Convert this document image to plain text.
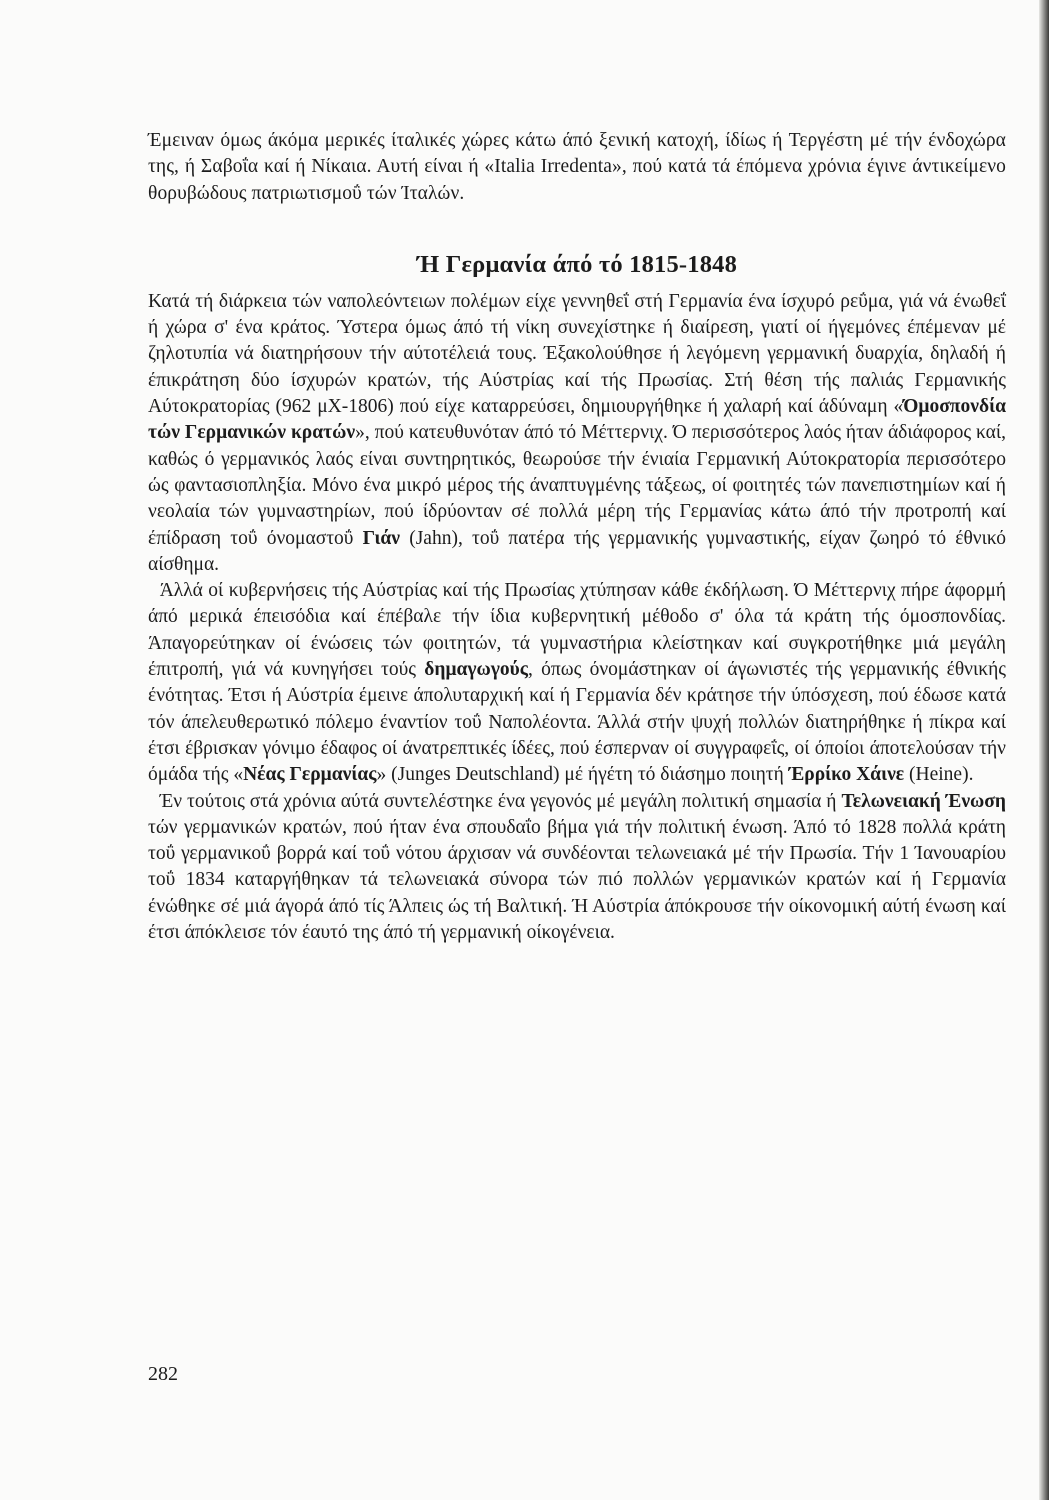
Έμειναν όμως άκόμα μερικές ίταλικές χώρες κάτω άπό ξενική κατοχή, ίδίως ή Τεργέστη μέ τήν ένδοχώρα της, ή Σαβοΐα καί ή Νίκαια. Αυτή είναι ή «Italia Irredenta», πού κατά τά έπόμενα χρόνια έγινε άντικείμενο θορυβώδους πατριωτισμοΰ τών Ίταλών.

Ή Γερμανία άπό τό 1815-1848

Κατά τή διάρκεια τών ναπολεόντειων πολέμων είχε γεννηθεΐ στή Γερμανία ένα ίσχυρό ρεΰμα, γιά νά ένωθεΐ ή χώρα σ' ένα κράτος. Ύστερα όμως άπό τή νίκη συνεχίστηκε ή διαίρεση, γιατί οί ήγεμόνες έπέμεναν μέ ζηλοτυπία νά διατηρήσουν τήν αύτοτέλειά τους. Έξακολούθησε ή λεγόμενη γερμανική δυαρχία, δηλαδή ή έπικράτηση δύο ίσχυρών κρατών, τής Αύστρίας καί τής Πρωσίας. Στή θέση τής παλιάς Γερμανικής Αύτοκρατορίας (962 μΧ-1806) πού είχε καταρρεύσει, δημιουργήθηκε ή χαλαρή καί άδύναμη «Όμοσπονδία τών Γερμανικών κρατών», πού κατευθυνόταν άπό τό Μέττερνιχ. Ό περισσότερος λαός ήταν άδιάφορος καί, καθώς ό γερμανικός λαός είναι συντηρητικός, θεωρούσε τήν ένιαία Γερμανική Αύτοκρατορία περισσότερο ώς φαντασιοπληξία. Μόνο ένα μικρό μέρος τής άναπτυγμένης τάξεως, οί φοιτητές τών πανεπιστημίων καί ή νεολαία τών γυμναστηρίων, πού ίδρύονταν σέ πολλά μέρη τής Γερμανίας κάτω άπό τήν προτροπή καί έπίδραση τοΰ όνομαστοΰ Γιάν (Jahn), τοΰ πατέρα τής γερμανικής γυμναστικής, είχαν ζωηρό τό έθνικό αίσθημα.

Άλλά οί κυβερνήσεις τής Αύστρίας καί τής Πρωσίας χτύπησαν κάθε έκδήλωση. Ό Μέττερνιχ πήρε άφορμή άπό μερικά έπεισόδια καί έπέβαλε τήν ίδια κυβερνητική μέθοδο σ' όλα τά κράτη τής όμοσπονδίας. Άπαγορεύτηκαν οί ένώσεις τών φοιτητών, τά γυμναστήρια κλείστηκαν καί συγκροτήθηκε μιά μεγάλη έπιτροπή, γιά νά κυνηγήσει τούς δημαγωγούς, όπως όνομάστηκαν οί άγωνιστές τής γερμανικής έθνικής ένότητας. Έτσι ή Αύστρία έμεινε άπολυταρχική καί ή Γερμανία δέν κράτησε τήν ύπόσχεση, πού έδωσε κατά τόν άπελευθερωτικό πόλεμο έναντίον τοΰ Ναπολέοντα. Άλλά στήν ψυχή πολλών διατηρήθηκε ή πίκρα καί έτσι έβρισκαν γόνιμο έδαφος οί άνατρεπτικές ίδέες, πού έσπερναν οί συγγραφεΐς, οί όποίοι άποτελούσαν τήν όμάδα τής «Νέας Γερμανίας» (Junges Deutschland) μέ ήγέτη τό διάσημο ποιητή Έρρίκο Χάινε (Heine).

Έν τούτοις στά χρόνια αύτά συντελέστηκε ένα γεγονός μέ μεγάλη πολιτική σημασία ή Τελωνειακή Ένωση τών γερμανικών κρατών, πού ήταν ένα σπουδαΐο βήμα γιά τήν πολιτική ένωση. Άπό τό 1828 πολλά κράτη τοΰ γερμανικοΰ βορρά καί τοΰ νότου άρχισαν νά συνδέονται τελωνειακά μέ τήν Πρωσία. Τήν 1 Ίανουαρίου τοΰ 1834 καταργήθηκαν τά τελωνειακά σύνορα τών πιό πολλών γερμανικών κρατών καί ή Γερμανία ένώθηκε σέ μιά άγορά άπό τίς Άλπεις ώς τή Βαλτική. Ή Αύστρία άπόκρουσε τήν οίκονομική αύτή ένωση καί έτσι άπόκλεισε τόν έαυτό της άπό τή γερμανική οίκογένεια.

282
